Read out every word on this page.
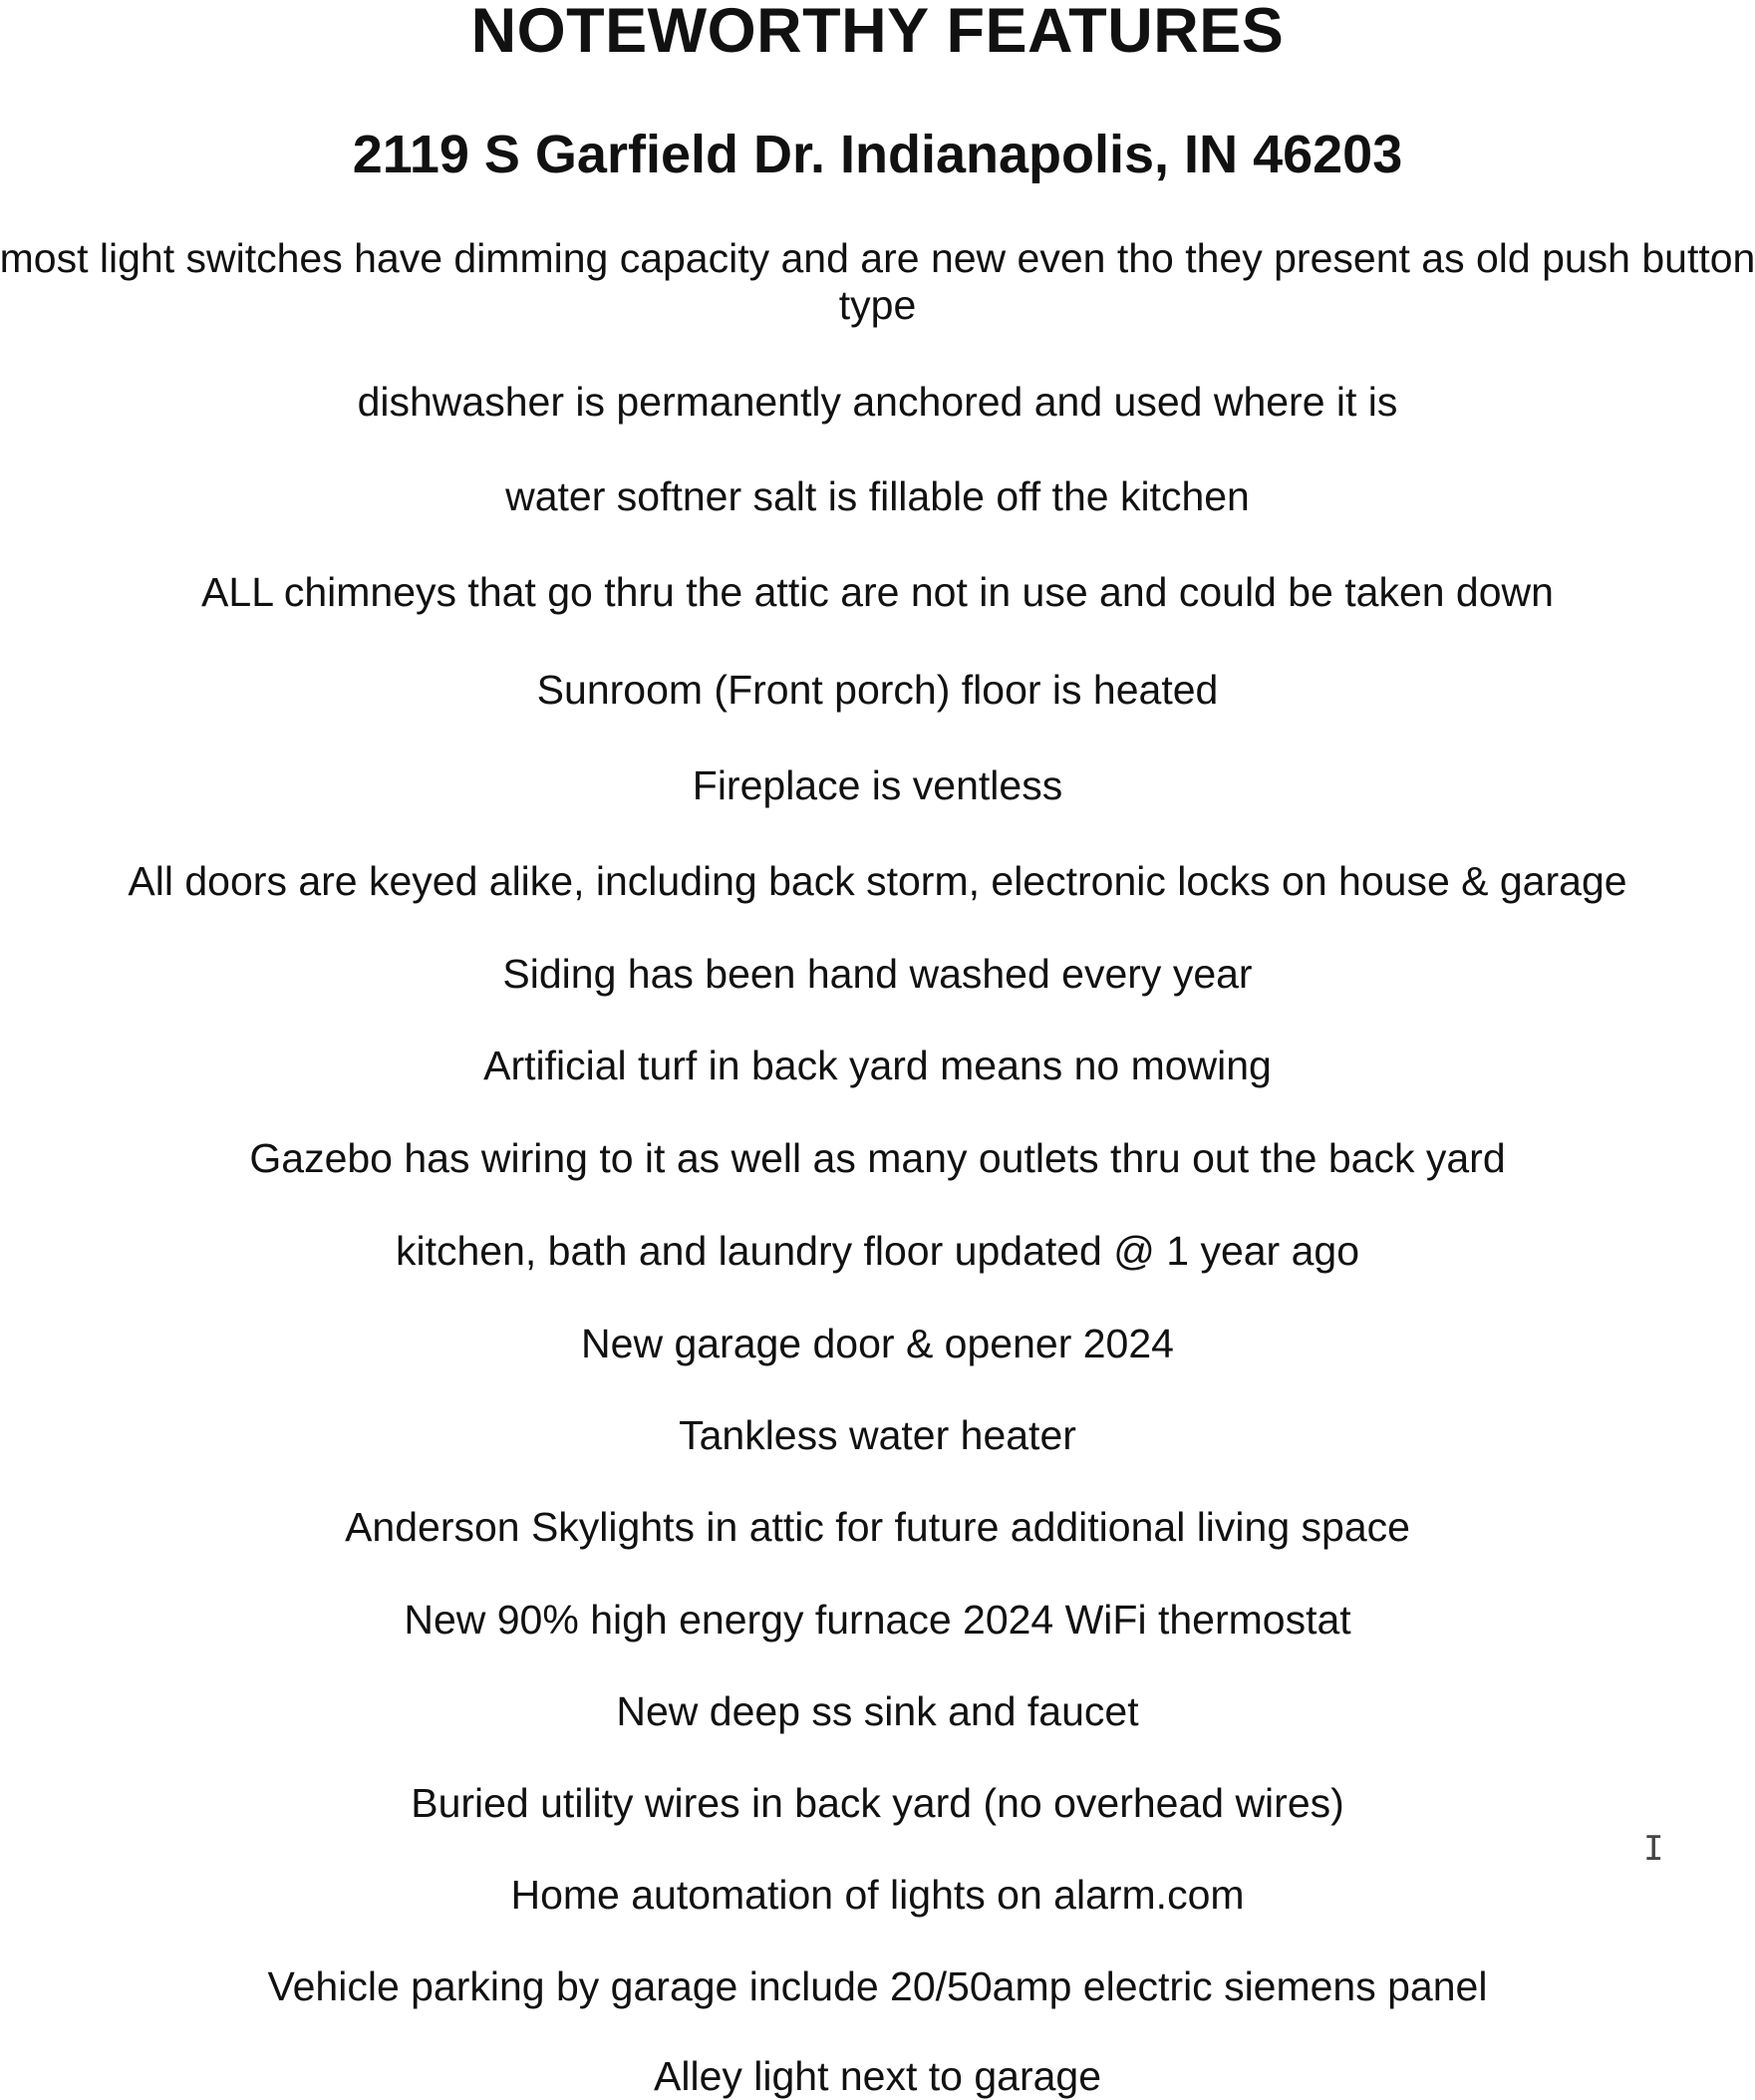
NOTEWORTHY FEATURES
2119 S Garfield Dr. Indianapolis, IN 46203
most light switches have dimming capacity and are new even tho they present as old push button type
dishwasher is permanently anchored and used where it is
water softner salt is fillable off the kitchen
ALL chimneys that go thru the attic are not in use and could be taken down
Sunroom (Front porch) floor is heated
Fireplace is ventless
All doors are keyed alike, including back storm, electronic locks on house & garage
Siding has been hand washed every year
Artificial turf in back yard means no mowing
Gazebo has wiring to it as well as many outlets thru out the back yard
kitchen, bath and laundry floor updated @ 1 year ago
New garage door & opener 2024
Tankless water heater
Anderson Skylights in attic for future additional living space
New 90% high energy furnace 2024 WiFi thermostat
New deep ss sink and faucet
Buried utility wires in back yard (no overhead wires)
Home automation of lights on alarm.com
Vehicle parking by garage include 20/50amp electric siemens panel
Alley light next to garage
I
